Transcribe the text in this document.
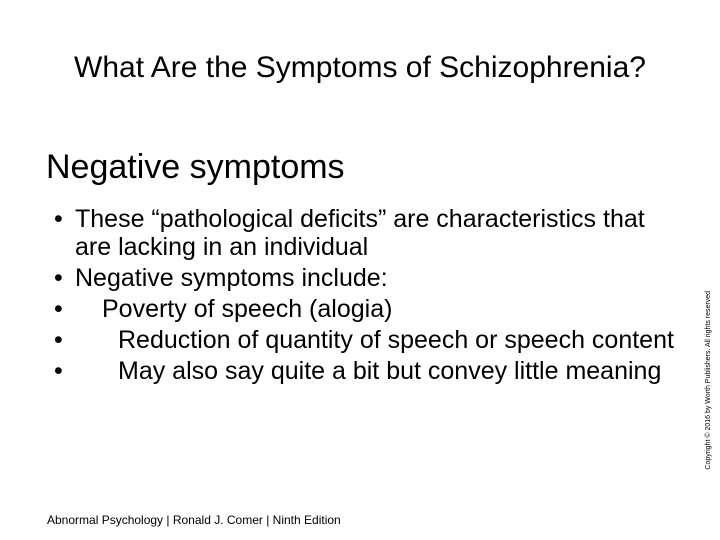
What Are the Symptoms of Schizophrenia?
Negative symptoms
• These “pathological deficits” are characteristics that are lacking in an individual
• Negative symptoms include:
• Poverty of speech (alogia)
• Reduction of quantity of speech or speech content
• May also say quite a bit but convey little meaning
Abnormal Psychology | Ronald J. Comer | Ninth Edition
Copyright © 2016 by Worth Publishers. All rights reserved
